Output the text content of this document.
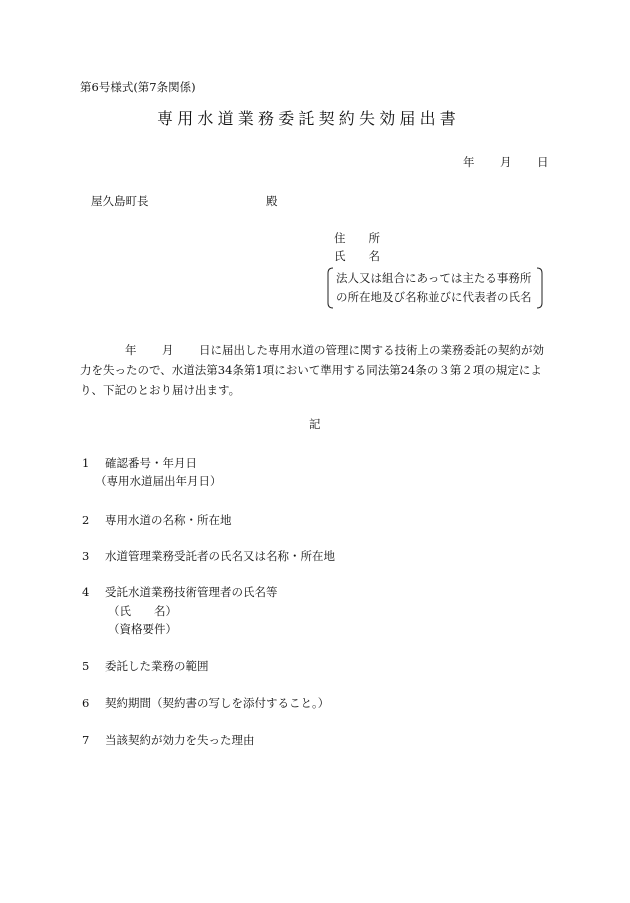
第6号様式(第7条関係)
専用水道業務委託契約失効届出書
年 月 日
屋久島町長	殿
住　　所
氏　　名
法人又は組合にあっては主たる事務所
の所在地及び名称並びに代表者の氏名
年 月 日に届出した専用水道の管理に関する技術上の業務委託の契約が効
力を失ったので、水道法第34条第1項において準用する同法第24条の３第２項の規定によ
り、下記のとおり届け出ます。
記
1 確認番号・年月日
（専用水道届出年月日）
2 専用水道の名称・所在地
3 水道管理業務受託者の氏名又は名称・所在地
4 受託水道業務技術管理者の氏名等
（氏　　名）
（資格要件）
5 委託した業務の範囲
6 契約期間（契約書の写しを添付すること。）
7 当該契約が効力を失った理由
